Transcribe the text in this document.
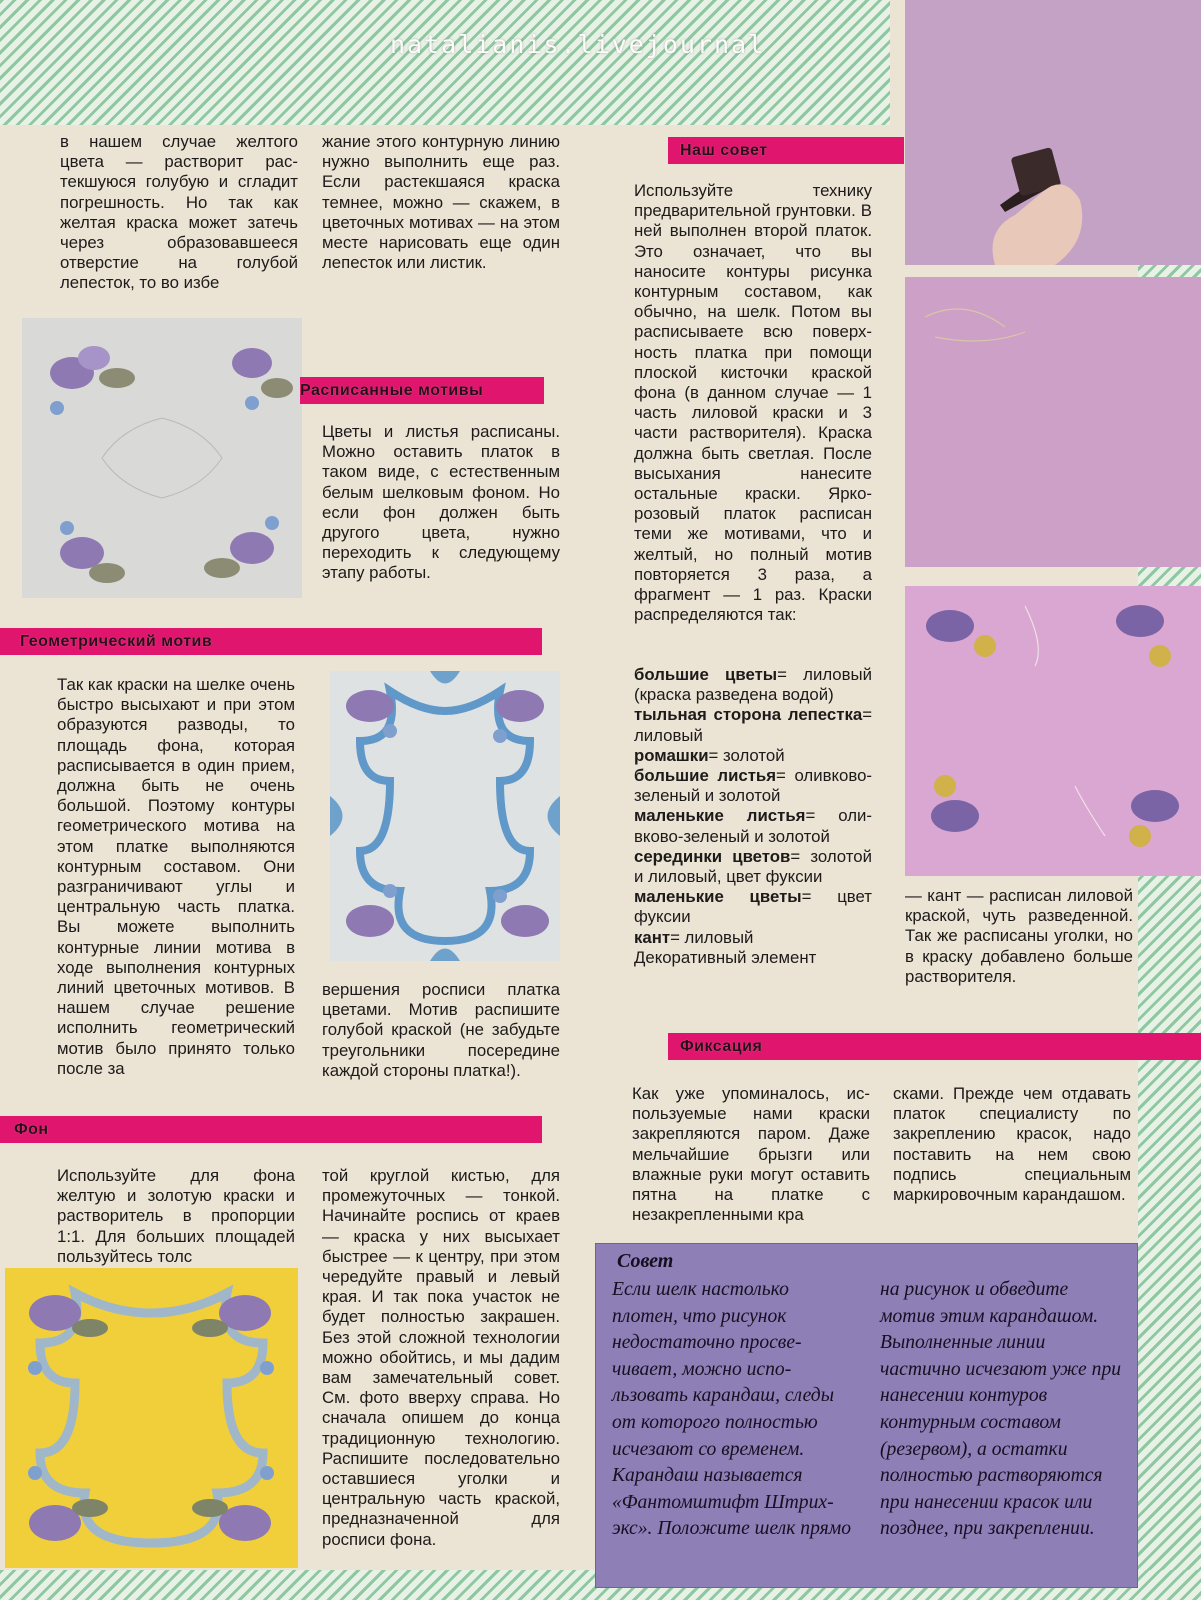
natalianis.livejournal
в нашем случае желтого цвета — растворит растекшуюся голубую и сгладит погрешность. Но так как желтая краска может затечь через образовавшееся отверстие на голубой лепесток, то во избе
жание этого контурную линию нужно выполнить еще раз. Если растекшаяся краска темнее, можно — скажем, в цветочных мотивах — на этом месте нарисовать еще один лепесток или листик.
Расписанные мотивы
Цветы и листья расписаны. Можно оставить платок в таком виде, с естественным белым шелковым фоном. Но если фон должен быть другого цвета, нужно переходить к следующему этапу работы.
Геометрический мотив
Так как краски на шелке очень быстро высыхают и при этом образуются разводы, то площадь фона, которая расписывается в один прием, должна быть не очень большой. Поэтому контуры геометрического мотива на этом платке выполняются контурным составом. Они разграничивают углы и центральную часть платка. Вы можете выполнить контурные линии мотива в ходе выполнения контурных линий цветочных мотивов. В нашем случае решение исполнить геометрический мотив было принято только после за
вершения росписи платка цветами. Мотив распишите голубой краской (не забудьте треугольники посередине каждой стороны платка!).
Фон
Используйте для фона желтую и золотую краски и растворитель в пропорции 1:1. Для больших площадей пользуйтесь толс
той круглой кистью, для промежуточных — тонкой. Начинайте роспись от краев — краска у них высыхает быстрее — к центру, при этом чередуйте правый и левый края. И так пока участок не будет полностью закрашен. Без этой сложной технологии можно обойтись, и мы дадим вам замечательный совет. См. фото вверху справа. Но сначала опишем до конца традиционную технологию. Распишите последовательно оставшиеся уголки и центральную часть краской, предназначенной для росписи фона.
Наш совет
Используйте технику предварительной грунтовки. В ней выполнен второй платок. Это означает, что вы наносите контуры рисунка контурным составом, как обычно, на шелк. Потом вы расписываете всю поверхность платка при помощи плоской кисточки краской фона (в данном случае — 1 часть лиловой краски и 3 части растворителя). Краска должна быть светлая. После высыхания нанесите остальные краски. Яркорозовый платок расписан теми же мотивами, что и желтый, но полный мотив повторяется 3 раза, а фрагмент — 1 раз. Краски распределяются так:

большие цветы= лиловый (краска разведена водой)

тыльная сторона лепестка= лиловый

ромашки= золотой

большие листья= оливково-зеленый и золотой

маленькие листья= оливково-зеленый и золотой

серединки цветов= золотой и лиловый, цвет фуксии

маленькие цветы= цвет фуксии

кант= лиловый

Декоративный элемент

— кант — расписан лиловой краской, чуть разведенной. Так же расписаны уголки, но в краску добавлено больше растворителя.
Фиксация
Как уже упоминалось, используемые нами краски закрепляются паром. Даже мельчайшие брызги или влажные руки могут оставить пятна на платке с незакрепленными кра
сками. Прежде чем отдавать платок специалисту по закреплению красок, надо поставить на нем свою подпись специальным маркировочным карандашом.
Совет
Если шелк настолько плотен, что рисунок недостаточно просвечивает, можно использовать карандаш, следы от которого полностью исчезают со временем. Карандаш называется «Фантомштифт Штрих-экс». Положите шелк прямо
на рисунок и обведите мотив этим карандашом. Выполненные линии частично исчезают уже при нанесении контуров контурным составом (резервом), а остатки полностью растворяются при нанесении красок или позднее, при закреплении.
